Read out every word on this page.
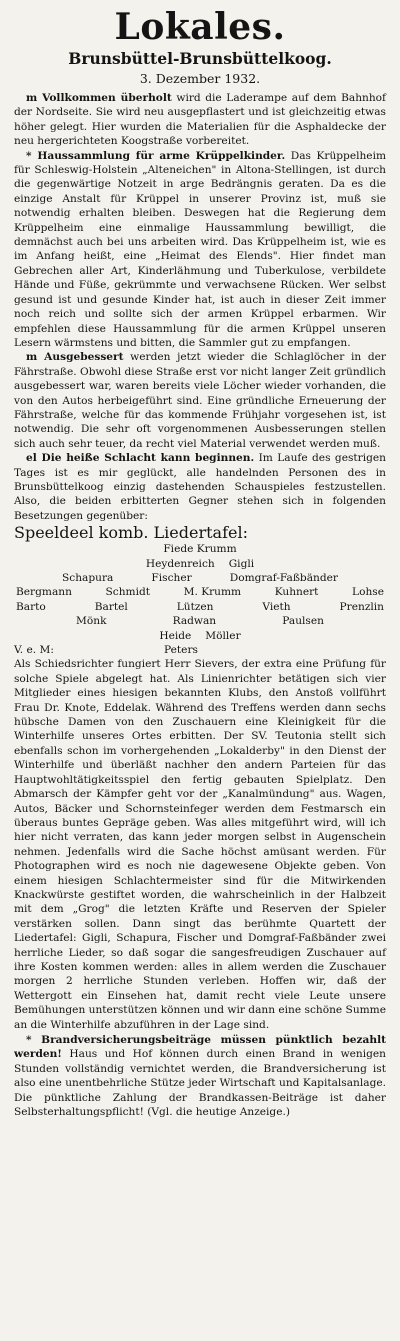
Lokales.
Brunsbüttel-Brunsbüttelkoog.
3. Dezember 1932.

m Vollkommen überholt wird die Laderampe auf dem Bahnhof der Nordseite. Sie wird neu ausgepflastert und ist gleichzeitig etwas höher gelegt. Hier wurden die Materialien für die Asphaldecke der neu hergerichteten Koogstraße vorbereitet.

* Haussammlung für arme Krüppelkinder. Das Krüppelheim für Schleswig-Holstein „Alteneichen" in Altona-Stellingen, ist durch die gegenwärtige Notzeit in arge Bedrängnis geraten. Da es die einzige Anstalt für Krüppel in unserer Provinz ist, muß sie notwendig erhalten bleiben. Deswegen hat die Regierung dem Krüppelheim eine einmalige Haussammlung bewilligt, die demnächst auch bei uns arbeiten wird. Das Krüppelheim ist, wie es im Anfang heißt, eine „Heimat des Elends". Hier findet man Gebrechen aller Art, Kinderlähmung und Tuberkulose, verbildete Hände und Füße, gekrümmte und verwachsene Rücken. Wer selbst gesund ist und gesunde Kinder hat, ist auch in dieser Zeit immer noch reich und sollte sich der armen Krüppel erbarmen. Wir empfehlen diese Haussammlung für die armen Krüppel unseren Lesern wärmstens und bitten, die Sammler gut zu empfangen.

m Ausgebessert werden jetzt wieder die Schlaglöcher in der Fährstraße. Obwohl diese Straße erst vor nicht langer Zeit gründlich ausgebessert war, waren bereits viele Löcher wieder vorhanden, die von den Autos herbeigeführt sind. Eine gründliche Erneuerung der Fährstraße, welche für das kommende Frühjahr vorgesehen ist, ist notwendig. Die sehr oft vorgenommenen Ausbesserungen stellen sich auch sehr teuer, da recht viel Material verwendet werden muß.

el Die heiße Schlacht kann beginnen. Im Laufe des gestrigen Tages ist es mir geglückt, alle handelnden Personen des in Brunsbüttelkoog einzig dastehenden Schauspieles festzustellen. Also, die beiden erbitterten Gegner stehen sich in folgenden Besetzungen gegenüber:

Speeldeel komb. Liedertafel:
Fiede Krumm
Heydenreich Gigli
Schapura	Fischer	Domgraf-Faßbänder
Bergmann	Schmidt	M. Krumm	Kuhnert	Lohse
Barto	Bartel	Lützen	Vieth	Prenzlin
Mönk	Radwan	Paulsen
Heide Möller
V. e. M:	Peters

Als Schiedsrichter fungiert Herr Sievers, der extra eine Prüfung für solche Spiele abgelegt hat. Als Linienrichter betätigen sich vier Mitglieder eines hiesigen bekannten Klubs, den Anstoß vollführt Frau Dr. Knote, Eddelak. Während des Treffens werden dann sechs hübsche Damen von den Zuschauern eine Kleinigkeit für die Winterhilfe unseres Ortes erbitten. Der SV. Teutonia stellt sich ebenfalls schon im vorhergehenden „Lokalderby" in den Dienst der Winterhilfe und überläßt nachher den andern Parteien für das Hauptwohltätigkeitsspiel den fertig gebauten Spielplatz. Den Abmarsch der Kämpfer geht vor der „Kanalmündung" aus. Wagen, Autos, Bäcker und Schornsteinfeger werden dem Festmarsch ein überaus buntes Gepräge geben. Was alles mitgeführt wird, will ich hier nicht verraten, das kann jeder morgen selbst in Augenschein nehmen. Jedenfalls wird die Sache höchst amüsant werden. Für Photographen wird es noch nie dagewesene Objekte geben. Von einem hiesigen Schlachtermeister sind für die Mitwirkenden Knackwürste gestiftet worden, die wahrscheinlich in der Halbzeit mit dem „Grog" die letzten Kräfte und Reserven der Spieler verstärken sollen. Dann singt das berühmte Quartett der Liedertafel: Gigli, Schapura, Fischer und Domgraf-Faßbänder zwei herrliche Lieder, so daß sogar die sangesfreudigen Zuschauer auf ihre Kosten kommen werden: alles in allem werden die Zuschauer morgen 2 herrliche Stunden verleben. Hoffen wir, daß der Wettergott ein Einsehen hat, damit recht viele Leute unsere Bemühungen unterstützen können und wir dann eine schöne Summe an die Winterhilfe abzuführen in der Lage sind.

* Brandversicherungsbeiträge müssen pünktlich bezahlt werden! Haus und Hof können durch einen Brand in wenigen Stunden vollständig vernichtet werden, die Brandversicherung ist also eine unentbehrliche Stütze jeder Wirtschaft und Kapitalsanlage. Die pünktliche Zahlung der Brandkassen-Beiträge ist daher Selbsterhaltungspflicht! (Vgl. die heutige Anzeige.)
